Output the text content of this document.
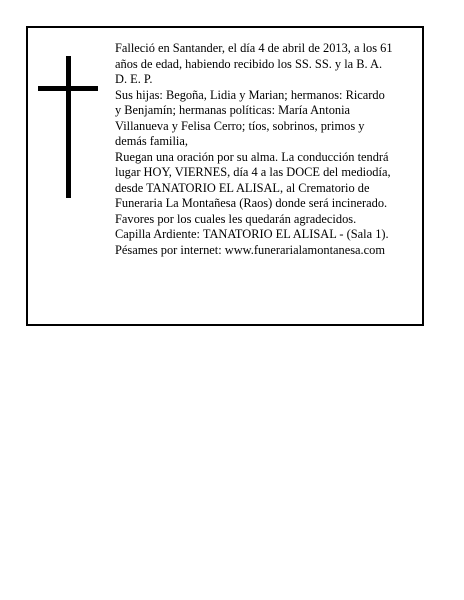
Falleció en Santander, el día 4 de abril de 2013, a los 61

años de edad, habiendo recibido los SS. SS. y la B. A.

D. E. P.

Sus hijas: Begoña, Lidia y Marian; hermanos: Ricardo

y Benjamín; hermanas políticas: María Antonia

Villanueva y Felisa Cerro; tíos, sobrinos, primos y

demás familia,

Ruegan una oración por su alma. La conducción tendrá

lugar HOY, VIERNES, día 4 a las DOCE del mediodía,

desde TANATORIO EL ALISAL, al Crematorio de

Funeraria La Montañesa (Raos) donde será incinerado.

Favores por los cuales les quedarán agradecidos.

Capilla Ardiente: TANATORIO EL ALISAL - (Sala 1).

Pésames por internet: www.funerarialamontanesa.com
